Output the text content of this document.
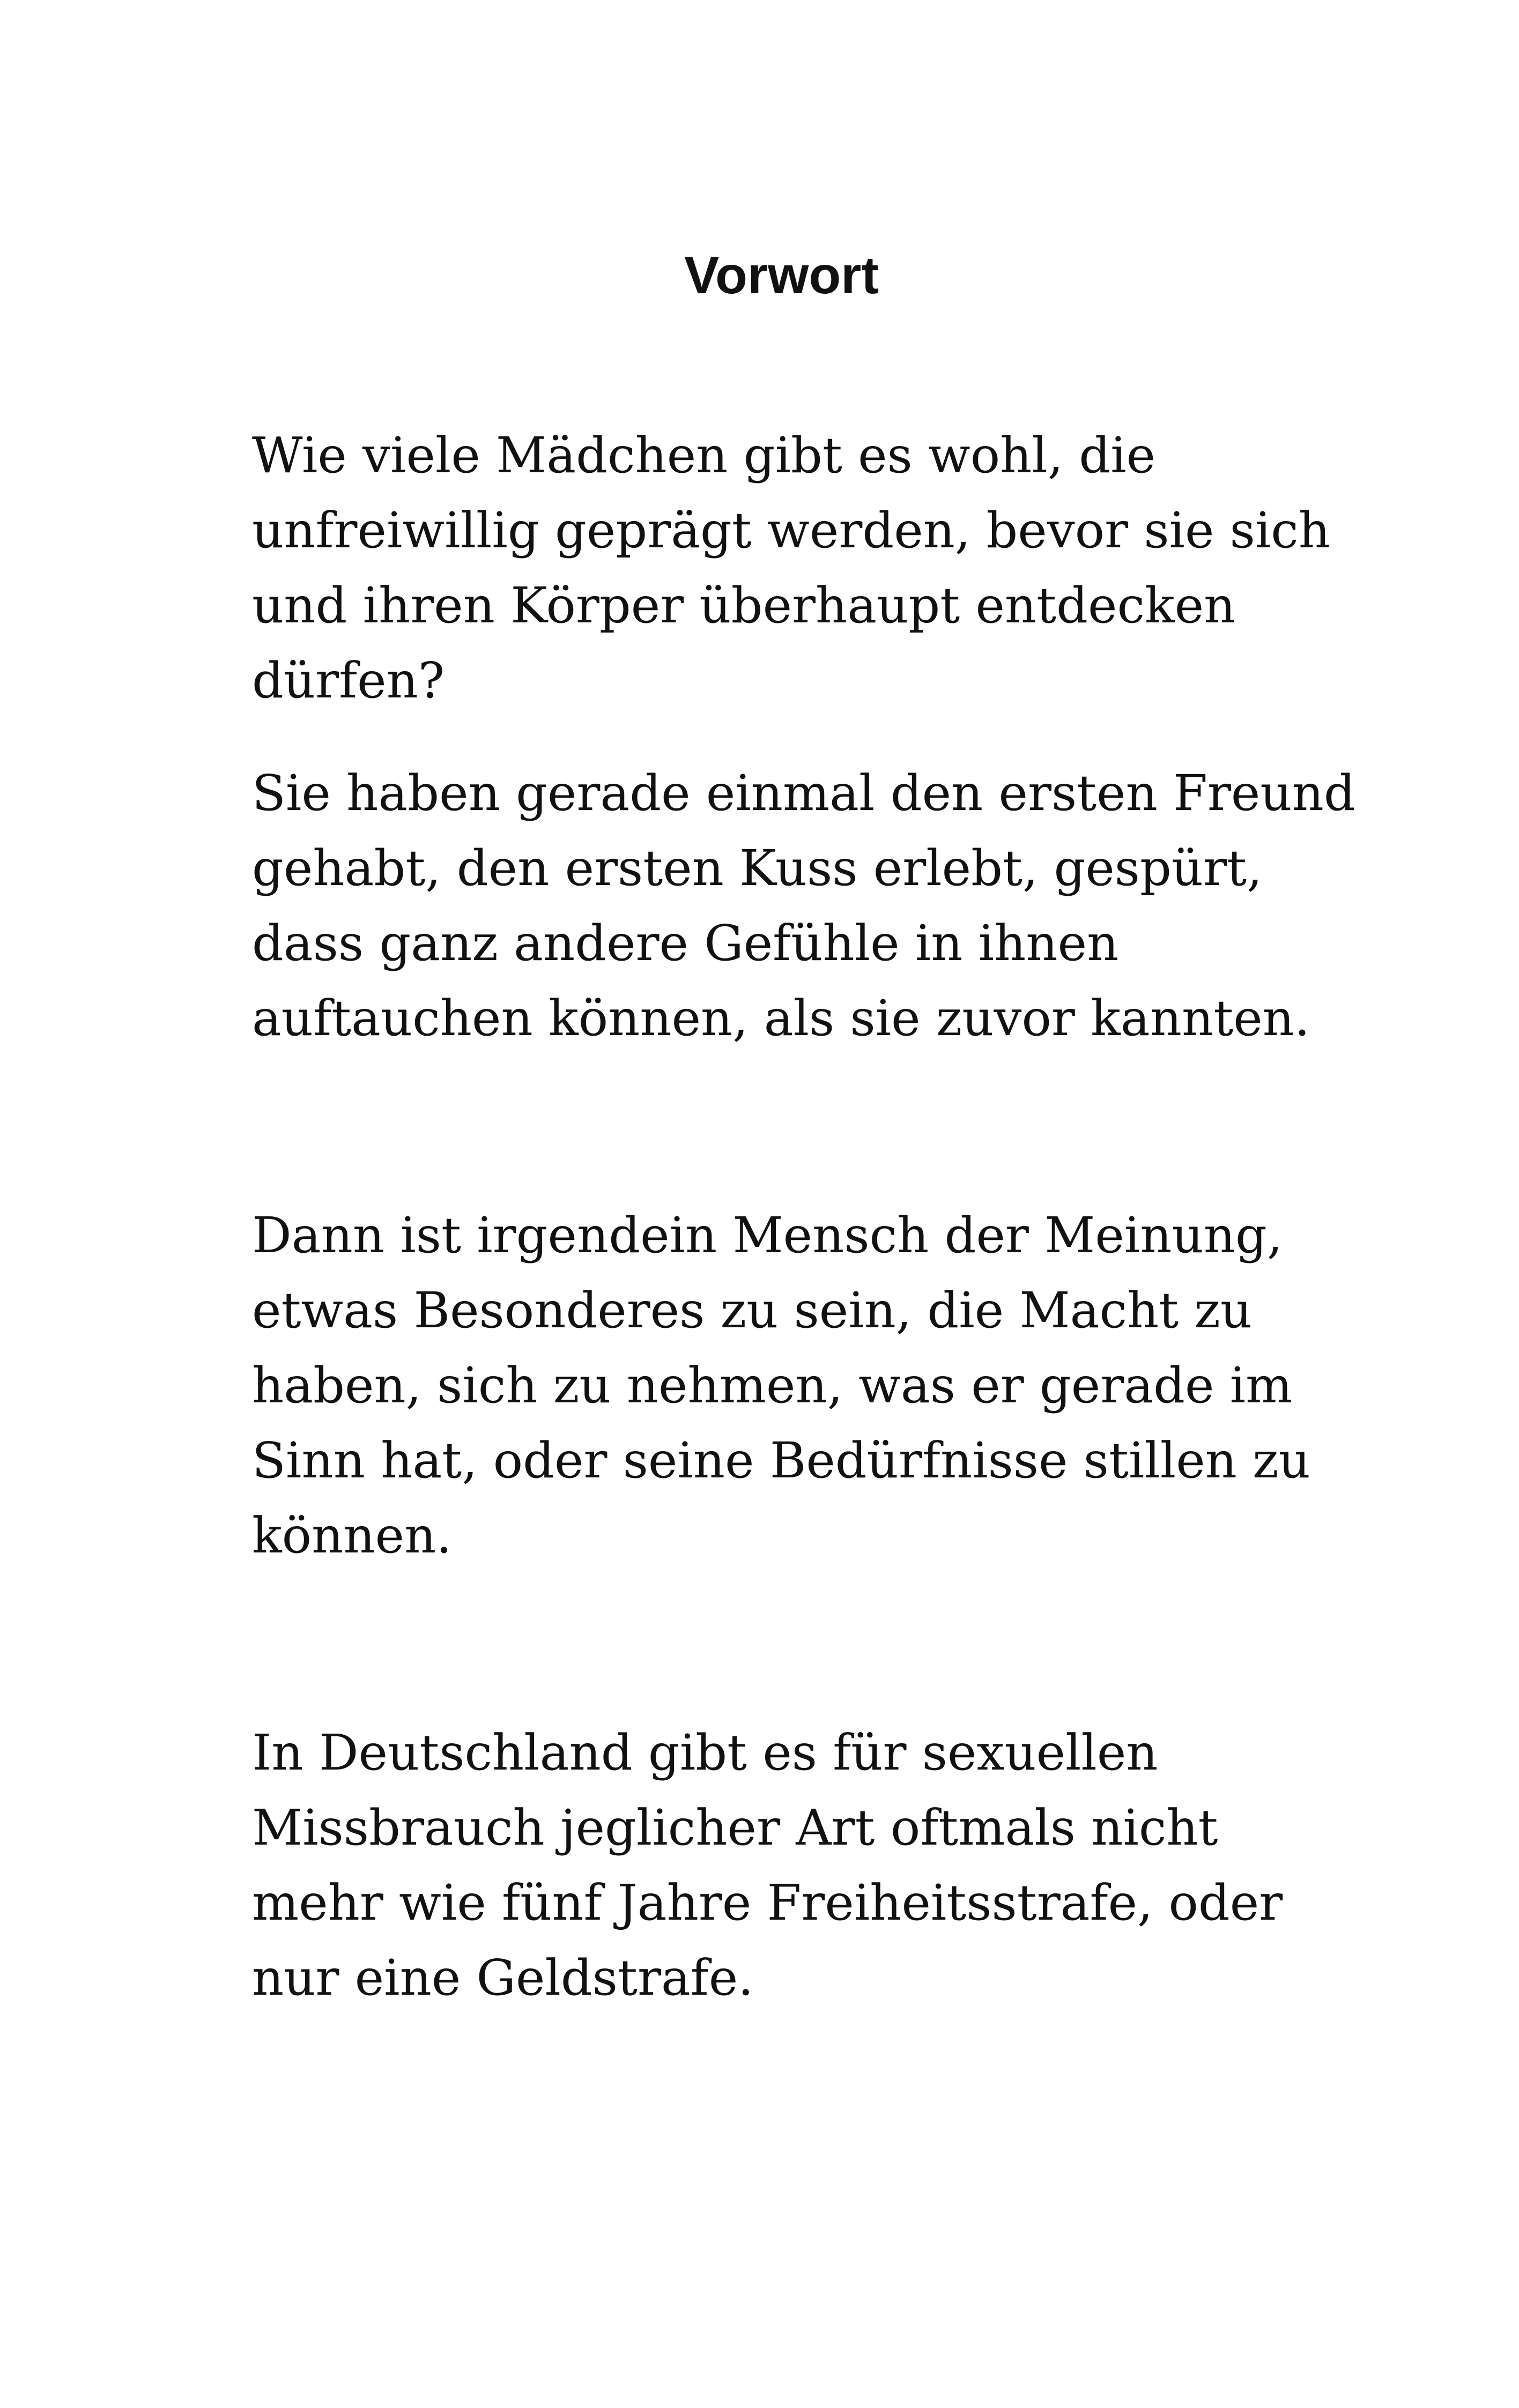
Vorwort

Wie viele Mädchen gibt es wohl, die unfreiwillig geprägt werden, bevor sie sich und ihren Körper überhaupt entdecken dürfen?

Sie haben gerade einmal den ersten Freund gehabt, den ersten Kuss erlebt, gespürt, dass ganz andere Gefühle in ihnen auftauchen können, als sie zuvor kannten.

Dann ist irgendein Mensch der Meinung, etwas Besonderes zu sein, die Macht zu haben, sich zu nehmen, was er gerade im Sinn hat, oder seine Bedürfnisse stillen zu können.

In Deutschland gibt es für sexuellen Missbrauch jeglicher Art oftmals nicht mehr wie fünf Jahre Freiheitsstrafe, oder nur eine Geldstrafe.
